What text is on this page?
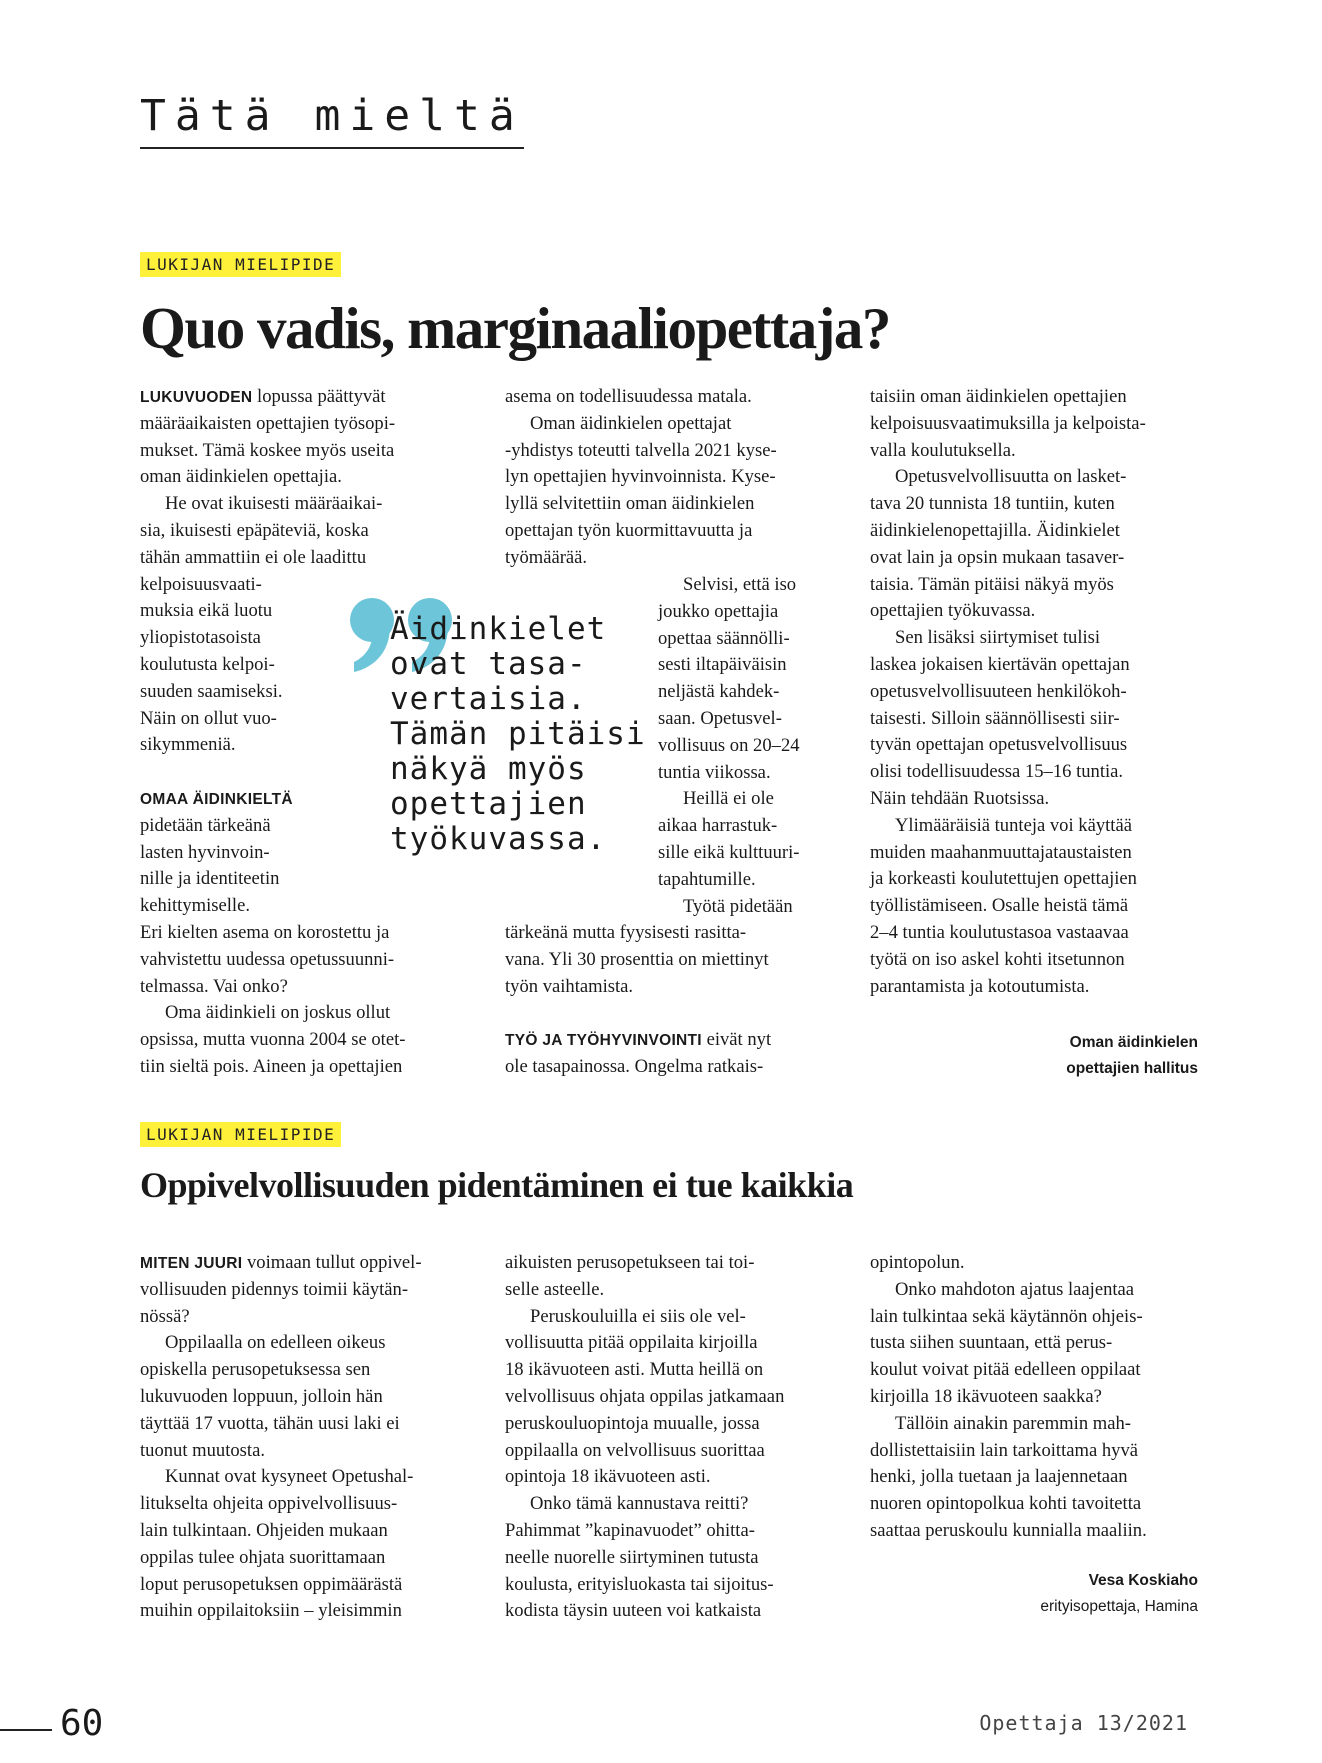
Tätä mieltä
LUKIJAN MIELIPIDE
Quo vadis, marginaaliopettaja?
LUKUVUODEN lopussa päättyvät
määräaikaisten opettajien työsopi-
mukset. Tämä koskee myös useita
oman äidinkielen opettajia.
He ovat ikuisesti määräaikai-
sia, ikuisesti epäpäteviä, koska
tähän ammattiin ei ole laadittu
kelpoisuusvaati-
muksia eikä luotu
yliopistotasoista
koulutusta kelpoi-
suuden saamiseksi.
Näin on ollut vuo-
sikymmeniä.
OMAA ÄIDINKIELTÄ
pidetään tärkeänä
lasten hyvinvoin-
nille ja identiteetin
kehittymiselle.
Eri kielten asema on korostettu ja
vahvistettu uudessa opetussuunni-
telmassa. Vai onko?
Oma äidinkieli on joskus ollut
opsissa, mutta vuonna 2004 se otet-
tiin sieltä pois. Aineen ja opettajien
asema on todellisuudessa matala.
Oman äidinkielen opettajat
-yhdistys toteutti talvella 2021 kyse-
lyn opettajien hyvinvoinnista. Kyse-
lyllä selvitettiin oman äidinkielen
opettajan työn kuormittavuutta ja
työmäärää.
Selvisi, että iso
joukko opettajia
opettaa säännölli-
sesti iltapäiväisin
neljästä kahdek-
saan. Opetusvel-
vollisuus on 20–24
tuntia viikossa.
Heillä ei ole
aikaa harrastuk-
sille eikä kulttuuri-
tapahtumille.
Työtä pidetään
tärkeänä mutta fyysisesti rasitta-
vana. Yli 30 prosenttia on miettinyt
työn vaihtamista.
TYÖ JA TYÖHYVINVOINTI eivät nyt
ole tasapainossa. Ongelma ratkais-
taisiin oman äidinkielen opettajien
kelpoisuusvaatimuksilla ja kelpoista-
valla koulutuksella.
Opetusvelvollisuutta on lasket-
tava 20 tunnista 18 tuntiin, kuten
äidinkielenopettajilla. Äidinkielet
ovat lain ja opsin mukaan tasaver-
taisia. Tämän pitäisi näkyä myös
opettajien työkuvassa.
Sen lisäksi siirtymiset tulisi
laskea jokaisen kiertävän opettajan
opetusvelvollisuuteen henkilökoh-
taisesti. Silloin säännöllisesti siir-
tyvän opettajan opetusvelvollisuus
olisi todellisuudessa 15–16 tuntia.
Näin tehdään Ruotsissa.
Ylimääräisiä tunteja voi käyttää
muiden maahanmuuttajataustaisten
ja korkeasti koulutettujen opettajien
työllistämiseen. Osalle heistä tämä
2–4 tuntia koulutustasoa vastaavaa
työtä on iso askel kohti itsetunnon
parantamista ja kotoutumista.
Äidinkielet
ovat tasa-
vertaisia.
Tämän pitäisi
näkyä myös
opettajien
työkuvassa.
Oman äidinkielen
opettajien hallitus
LUKIJAN MIELIPIDE
Oppivelvollisuuden pidentäminen ei tue kaikkia
MITEN JUURI voimaan tullut oppivel-
vollisuuden pidennys toimii käytän-
nössä?
Oppilaalla on edelleen oikeus
opiskella perusopetuksessa sen
lukuvuoden loppuun, jolloin hän
täyttää 17 vuotta, tähän uusi laki ei
tuonut muutosta.
Kunnat ovat kysyneet Opetushal-
litukselta ohjeita oppivelvollisuus-
lain tulkintaan. Ohjeiden mukaan
oppilas tulee ohjata suorittamaan
loput perusopetuksen oppimäärästä
muihin oppilaitoksiin – yleisimmin
aikuisten perusopetukseen tai toi-
selle asteelle.
Peruskouluilla ei siis ole vel-
vollisuutta pitää oppilaita kirjoilla
18 ikävuoteen asti. Mutta heillä on
velvollisuus ohjata oppilas jatkamaan
peruskouluopintoja muualle, jossa
oppilaalla on velvollisuus suorittaa
opintoja 18 ikävuoteen asti.
Onko tämä kannustava reitti?
Pahimmat ”kapinavuodet” ohitta-
neelle nuorelle siirtyminen tutusta
koulusta, erityisluokasta tai sijoitus-
kodista täysin uuteen voi katkaista
opintopolun.
Onko mahdoton ajatus laajentaa
lain tulkintaa sekä käytännön ohjeis-
tusta siihen suuntaan, että perus-
koulut voivat pitää edelleen oppilaat
kirjoilla 18 ikävuoteen saakka?
Tällöin ainakin paremmin mah-
dollistettaisiin lain tarkoittama hyvä
henki, jolla tuetaan ja laajennetaan
nuoren opintopolkua kohti tavoitetta
saattaa peruskoulu kunnialla maaliin.
Vesa Koskiaho
erityisopettaja, Hamina
60	Opettaja 13/2021
